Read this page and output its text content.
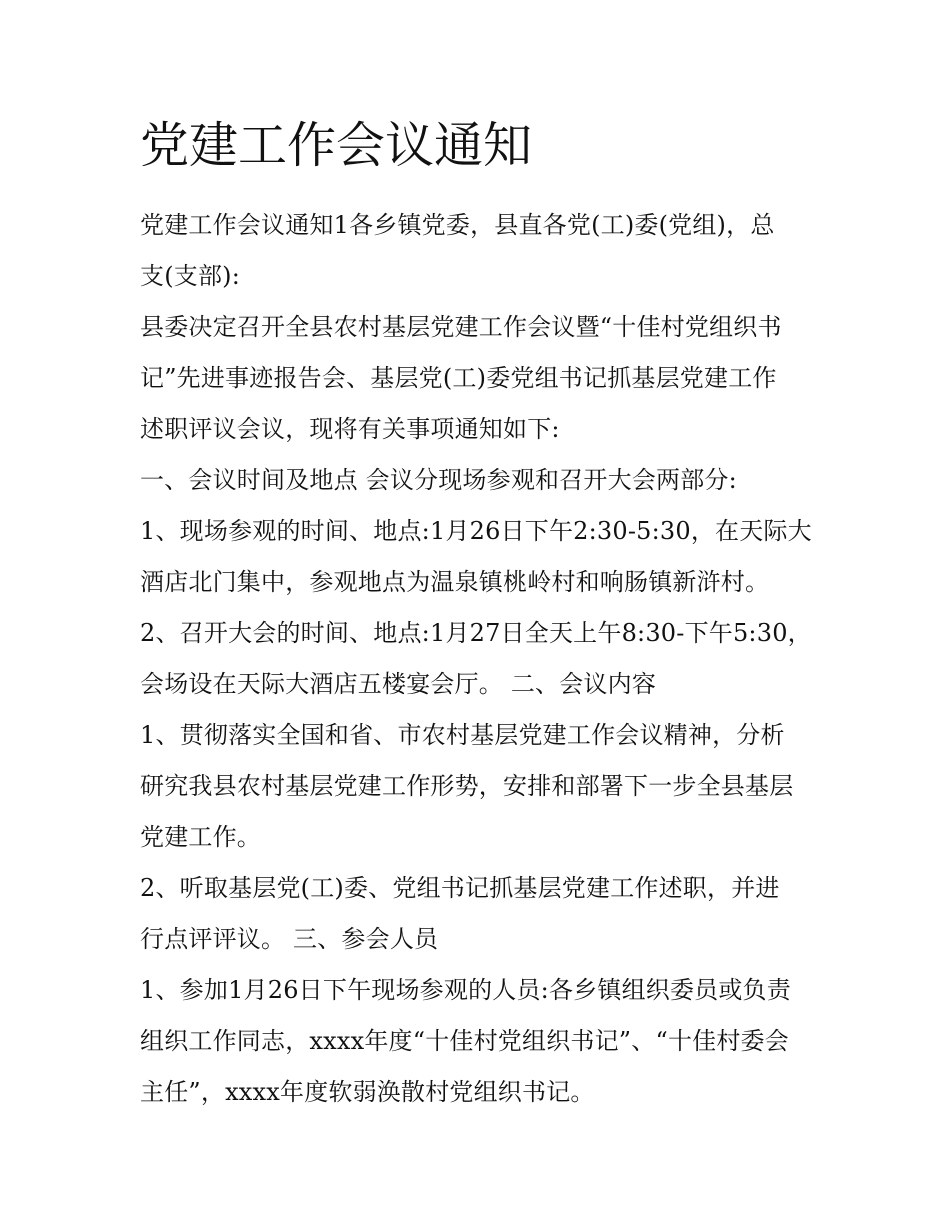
党建工作会议通知
党建工作会议通知1各乡镇党委，县直各党(工)委(党组)，总
支(支部):
县委决定召开全县农村基层党建工作会议暨“十佳村党组织书
记”先进事迹报告会、基层党(工)委党组书记抓基层党建工作
述职评议会议，现将有关事项通知如下:
一、会议时间及地点 会议分现场参观和召开大会两部分:
1、现场参观的时间、地点:1月26日下午2:30-5:30，在天际大
酒店北门集中，参观地点为温泉镇桃岭村和响肠镇新浒村。
2、召开大会的时间、地点:1月27日全天上午8:30-下午5:30，
会场设在天际大酒店五楼宴会厅。 二、会议内容
1、贯彻落实全国和省、市农村基层党建工作会议精神，分析
研究我县农村基层党建工作形势，安排和部署下一步全县基层
党建工作。
2、听取基层党(工)委、党组书记抓基层党建工作述职，并进
行点评评议。 三、参会人员
1、参加1月26日下午现场参观的人员:各乡镇组织委员或负责
组织工作同志，xxxx年度“十佳村党组织书记”、“十佳村委会
主任”，xxxx年度软弱涣散村党组织书记。
